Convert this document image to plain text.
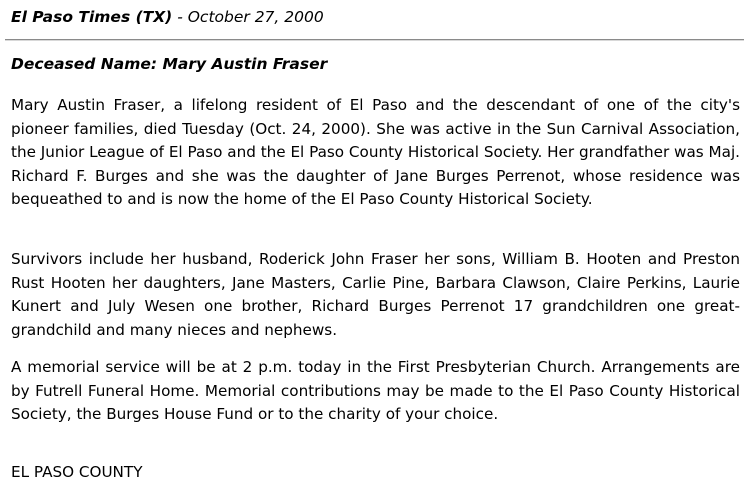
El Paso Times (TX) - October 27, 2000
Deceased Name: Mary Austin Fraser

Mary Austin Fraser, a lifelong resident of El Paso and the descendant of one of the city's pioneer families, died Tuesday (Oct. 24, 2000). She was active in the Sun Carnival Association, the Junior League of El Paso and the El Paso County Historical Society. Her grandfather was Maj. Richard F. Burges and she was the daughter of Jane Burges Perrenot, whose residence was bequeathed to and is now the home of the El Paso County Historical Society.

Survivors include her husband, Roderick John Fraser her sons, William B. Hooten and Preston Rust Hooten her daughters, Jane Masters, Carlie Pine, Barbara Clawson, Claire Perkins, Laurie Kunert and July Wesen one brother, Richard Burges Perrenot 17 grandchildren one great-grandchild and many nieces and nephews.

A memorial service will be at 2 p.m. today in the First Presbyterian Church. Arrangements are by Futrell Funeral Home. Memorial contributions may be made to the El Paso County Historical Society, the Burges House Fund or to the charity of your choice.

EL PASO COUNTY
